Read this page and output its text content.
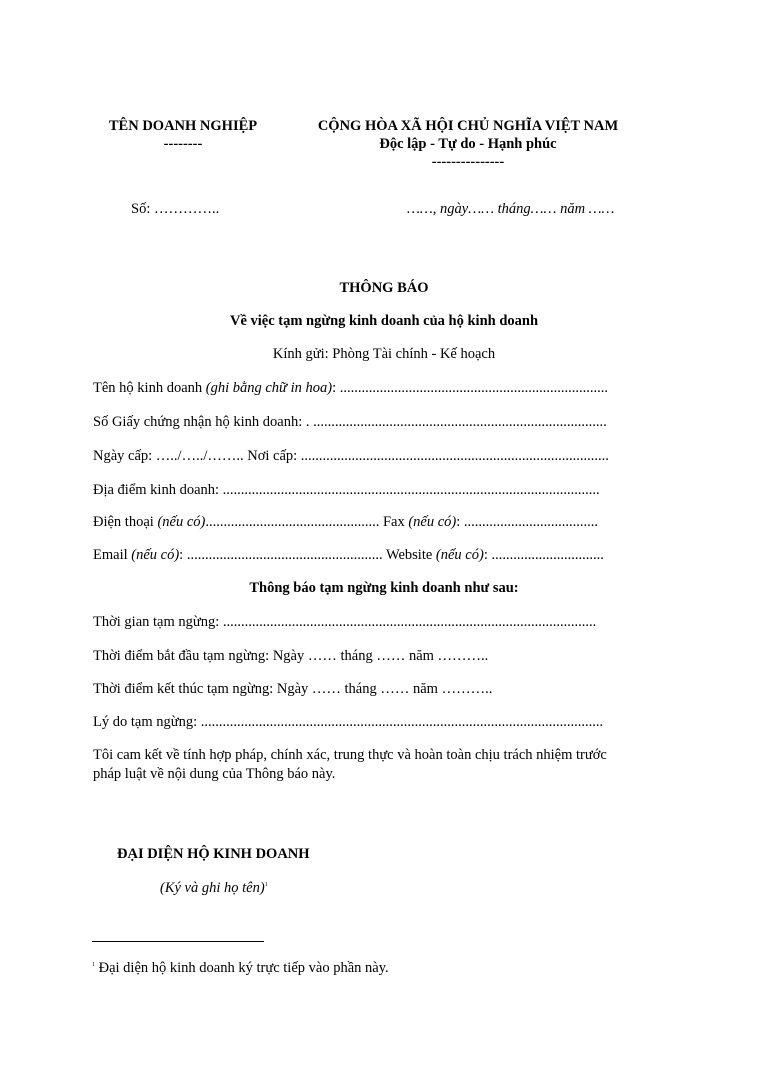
TÊN DOANH NGHIỆP
--------
CỘNG HÒA XÃ HỘI CHỦ NGHĨA VIỆT NAM
Độc lập - Tự do - Hạnh phúc
---------------
Số: …………..	……, ngày…… tháng…… năm ……
THÔNG BÁO
Về việc tạm ngừng kinh doanh của hộ kinh doanh
Kính gửi: Phòng Tài chính - Kế hoạch
Tên hộ kinh doanh (ghi bằng chữ in hoa): ..........................................................................
Số Giấy chứng nhận hộ kinh doanh: . .................................................................................
Ngày cấp: …../…../…….. Nơi cấp: .....................................................................................
Địa điểm kinh doanh: ........................................................................................................
Điện thoại (nếu có)................................................ Fax (nếu có): .....................................
Email (nếu có): ...................................................... Website (nếu có): ...............................
Thông báo tạm ngừng kinh doanh như sau:
Thời gian tạm ngừng: .......................................................................................................
Thời điểm bắt đầu tạm ngừng: Ngày …… tháng …… năm ………..
Thời điểm kết thúc tạm ngừng: Ngày …… tháng …… năm ………..
Lý do tạm ngừng: ...............................................................................................................
Tôi cam kết về tính hợp pháp, chính xác, trung thực và hoàn toàn chịu trách nhiệm trước
pháp luật về nội dung của Thông báo này.
ĐẠI DIỆN HỘ KINH DOANH
(Ký và ghi họ tên)$^1$
$^1$ Đại diện hộ kinh doanh ký trực tiếp vào phần này.
